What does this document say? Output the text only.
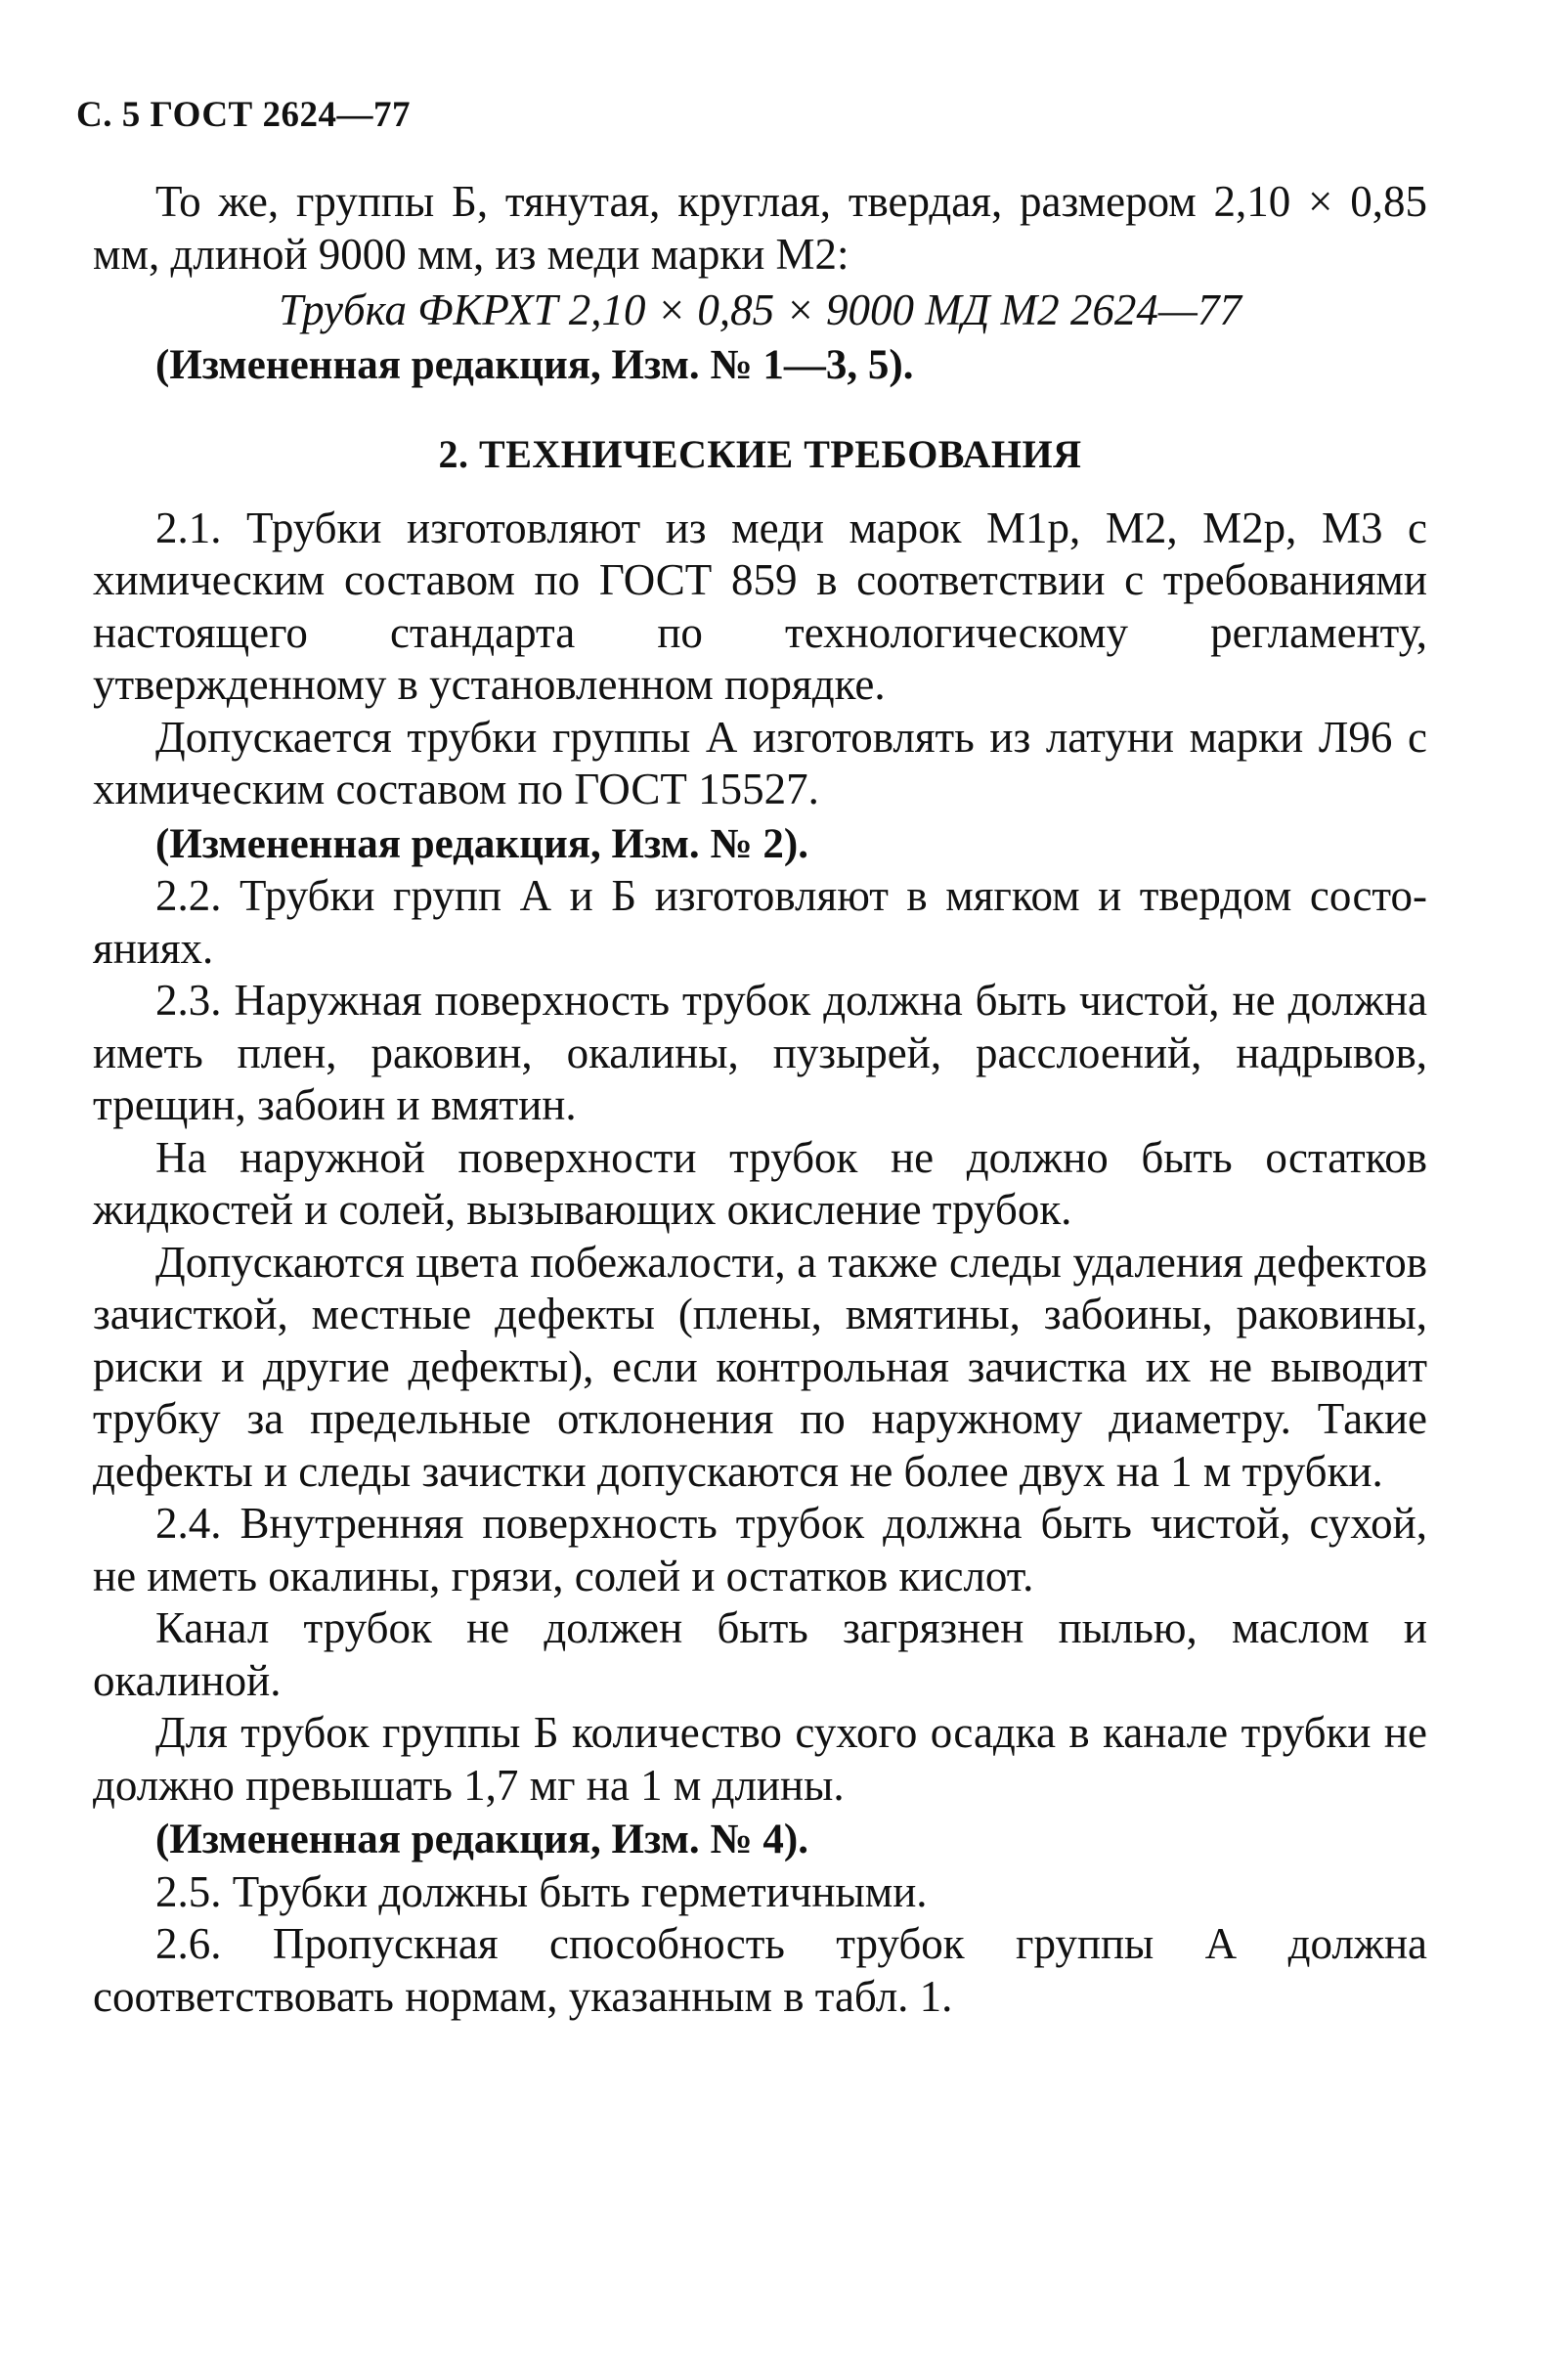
С. 5 ГОСТ 2624—77

То же, группы Б, тянутая, круглая, твердая, размером 2,10 × 0,85 мм, длиной 9000 мм, из меди марки М2:

Трубка ФКРХТ 2,10 × 0,85 × 9000 МД М2 2624—77

(Измененная редакция, Изм. № 1—3, 5).

2. ТЕХНИЧЕСКИЕ ТРЕБОВАНИЯ

2.1. Трубки изготовляют из меди марок М1р, М2, М2р, М3 с химическим составом по ГОСТ 859 в соответствии с требованиями настоящего стандарта по технологическому регламенту, утвержденному в установленном порядке.

Допускается трубки группы А изготовлять из латуни марки Л96 с химическим составом по ГОСТ 15527.

(Измененная редакция, Изм. № 2).

2.2. Трубки групп А и Б изготовляют в мягком и твердом состояниях.

2.3. Наружная поверхность трубок должна быть чистой, не должна иметь плен, раковин, окалины, пузырей, расслоений, надрывов, трещин, забоин и вмятин.

На наружной поверхности трубок не должно быть остатков жидкостей и солей, вызывающих окисление трубок.

Допускаются цвета побежалости, а также следы удаления дефектов зачисткой, местные дефекты (плены, вмятины, забоины, раковины, риски и другие дефекты), если контрольная зачистка их не выводит трубку за предельные отклонения по наружному диаметру. Такие дефекты и следы зачистки допускаются не более двух на 1 м трубки.

2.4. Внутренняя поверхность трубок должна быть чистой, сухой, не иметь окалины, грязи, солей и остатков кислот.

Канал трубок не должен быть загрязнен пылью, маслом и окалиной.

Для трубок группы Б количество сухого осадка в канале трубки не должно превышать 1,7 мг на 1 м длины.

(Измененная редакция, Изм. № 4).

2.5. Трубки должны быть герметичными.

2.6. Пропускная способность трубок группы А должна соответствовать нормам, указанным в табл. 1.
